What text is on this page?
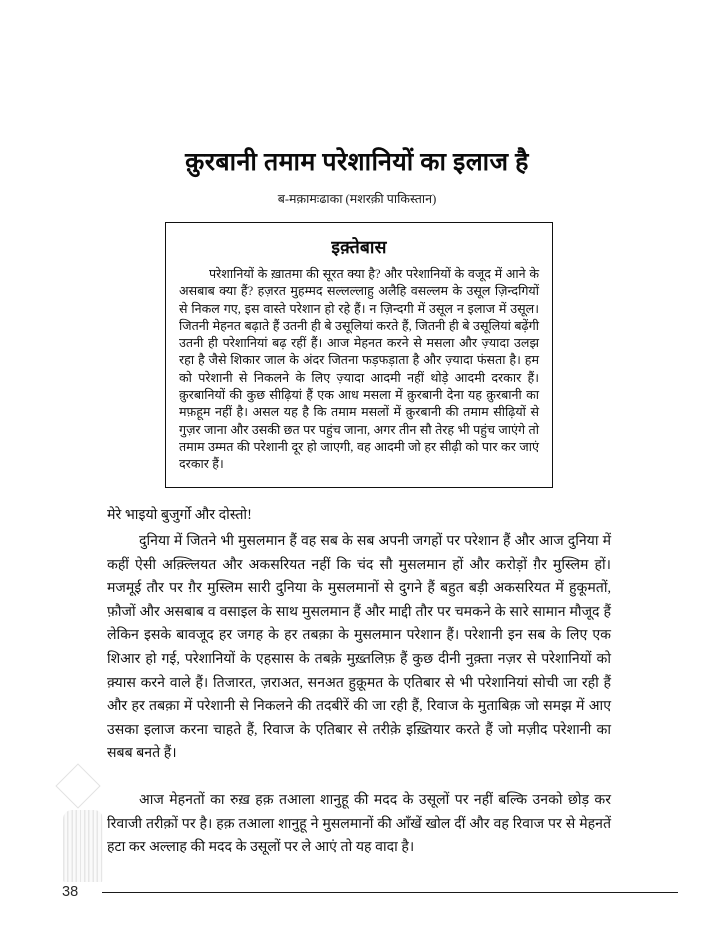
क़ुरबानी तमाम परेशानियों का इलाज है
ब-मक़ामःढाका (मशरक़ी पाकिस्तान)
इक़्तेबास
परेशानियों के ख़ातमा की सूरत क्या है? और परेशानियों के वजूद में आने के असबाब क्या हैं? हज़रत मुहम्मद सल्लल्लाहु अलैहि वसल्लम के उसूल ज़िन्दगियों से निकल गए, इस वास्ते परेशान हो रहे हैं। न ज़िन्दगी में उसूल न इलाज में उसूल। जितनी मेहनत बढ़ाते हैं उतनी ही बे उसूलियां करते हैं, जितनी ही बे उसूलियां बढ़ेंगी उतनी ही परेशानियां बढ़ रहीं हैं। आज मेहनत करने से मसला और ज़्यादा उलझ रहा है जैसे शिकार जाल के अंदर जितना फड़फड़ाता है और ज़्यादा फंसता है। हम को परेशानी से निकलने के लिए ज़्यादा आदमी नहीं थोड़े आदमी दरकार हैं। क़ुरबानियों की कुछ सीढ़ियां हैं एक आध मसला में क़ुरबानी देना यह क़ुरबानी का मफ़हूम नहीं है। असल यह है कि तमाम मसलों में क़ुरबानी की तमाम सीढ़ियों से गुज़र जाना और उसकी छत पर पहुंच जाना, अगर तीन सौ तेरह भी पहुंच जाएंगे तो तमाम उम्मत की परेशानी दूर हो जाएगी, वह आदमी जो हर सीढ़ी को पार कर जाएं दरकार हैं।
मेरे भाइयो बुजुर्गो और दोस्तो!

दुनिया में जितने भी मुसलमान हैं वह सब के सब अपनी जगहों पर परेशान हैं और आज दुनिया में कहीं ऐसी अक़्ल्लियत और अकसरियत नहीं कि चंद सौ मुसलमान हों और करोड़ों ग़ैर मुस्लिम हों। मजमूई तौर पर ग़ैर मुस्लिम सारी दुनिया के मुसलमानों से दुगने हैं बहुत बड़ी अकसरियत में हुकूमतों, फ़ौजों और असबाब व वसाइल के साथ मुसलमान हैं और माद्दी तौर पर चमकने के सारे सामान मौजूद हैं लेकिन इसके बावजूद हर जगह के हर तबक़ा के मुसलमान परेशान हैं। परेशानी इन सब के लिए एक शिआर हो गई, परेशानियों के एहसास के तबक़े मुख़्तलिफ़ हैं कुछ दीनी नुक़्ता नज़र से परेशानियों को क़्यास करने वाले हैं। तिजारत, ज़राअत, सनअत हुक़ूमत के एतिबार से भी परेशानियां सोची जा रही हैं और हर तबक़ा में परेशानी से निकलने की तदबीरें की जा रही हैं, रिवाज के मुताबिक़ जो समझ में आए उसका इलाज करना चाहते हैं, रिवाज के एतिबार से तरीक़े इख़्तियार करते हैं जो मज़ीद परेशानी का सबब बनते हैं।

आज मेहनतों का रुख़ हक़ तआला शानुहू की मदद के उसूलों पर नहीं बल्कि उनको छोड़ कर रिवाजी तरीक़ों पर है। हक़ तआला शानुहू ने मुसलमानों की आँखें खोल दीं और वह रिवाज पर से मेहनतें हटा कर अल्लाह की मदद के उसूलों पर ले आएं तो यह वादा है।

38
